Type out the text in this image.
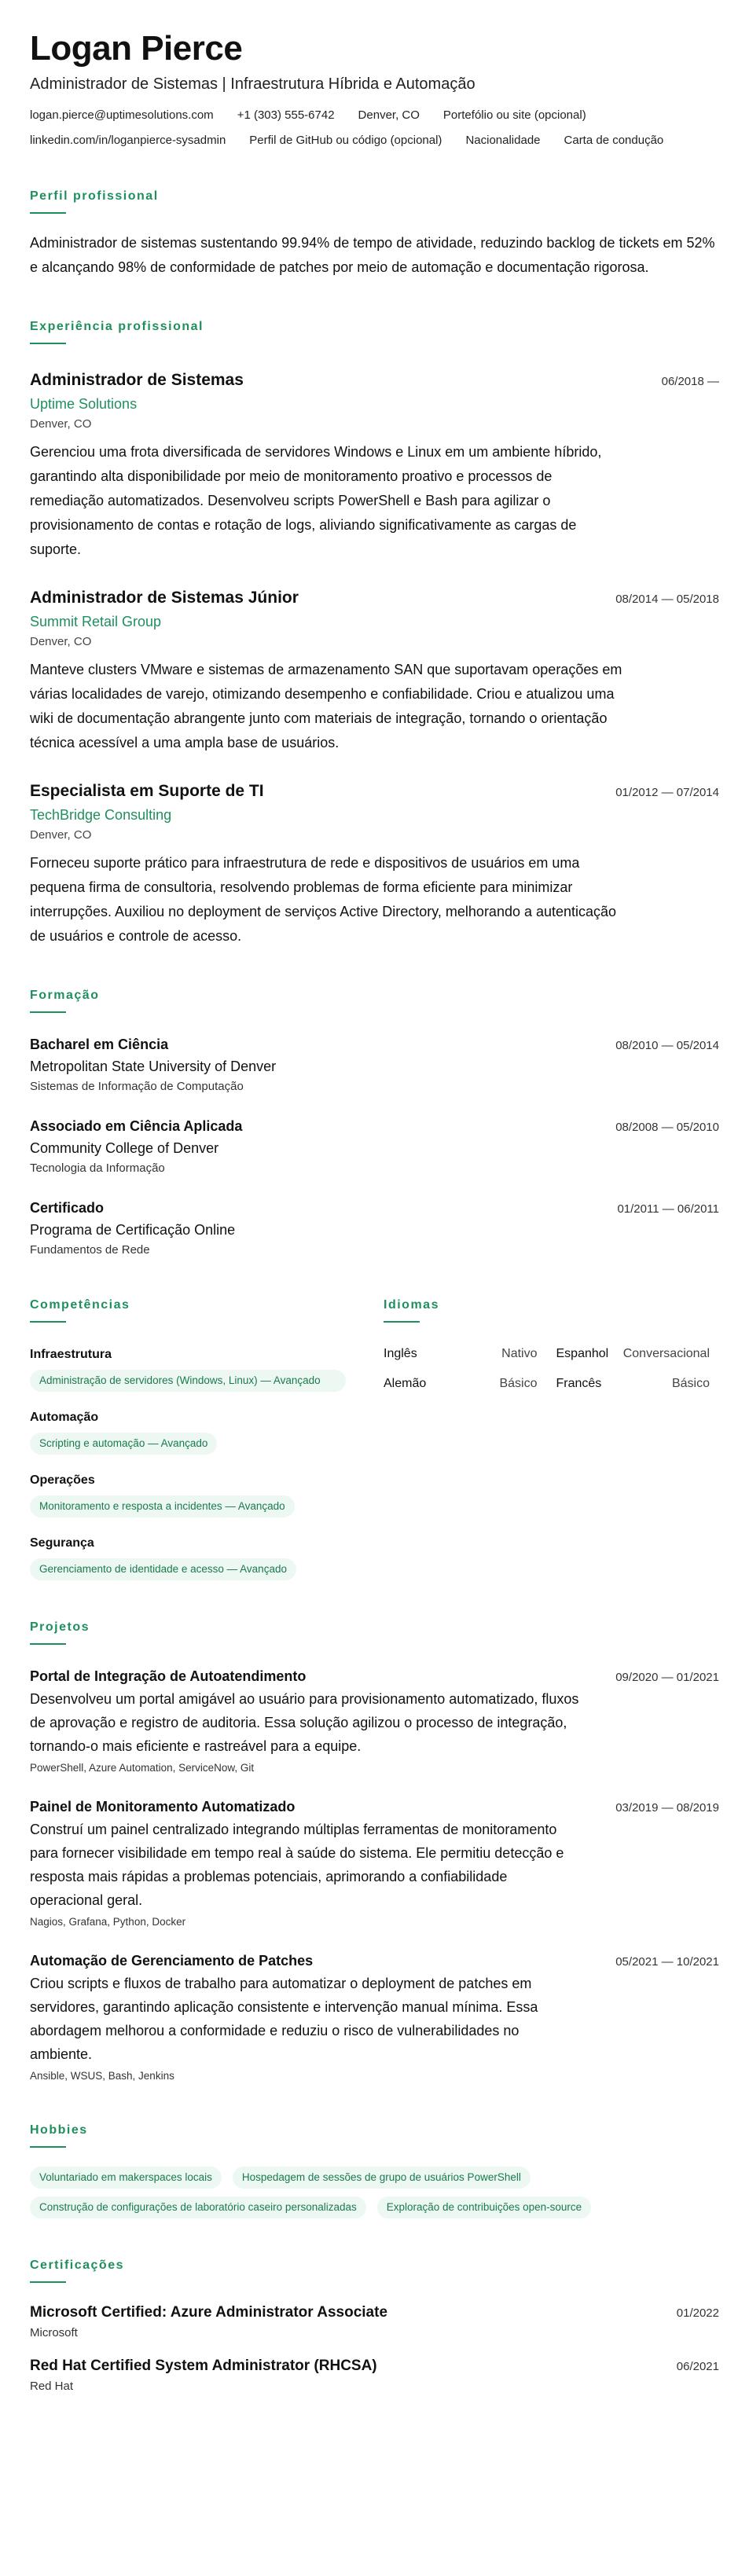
Logan Pierce
Administrador de Sistemas | Infraestrutura Híbrida e Automação
logan.pierce@uptimesolutions.com +1 (303) 555-6742 Denver, CO Portefólio ou site (opcional)
linkedin.com/in/loganpierce-sysadmin Perfil de GitHub ou código (opcional) Nacionalidade Carta de condução
Perfil profissional
Administrador de sistemas sustentando 99.94% de tempo de atividade, reduzindo backlog de tickets em 52% e alcançando 98% de conformidade de patches por meio de automação e documentação rigorosa.
Experiência profissional
Administrador de Sistemas	06/2018 —
Uptime Solutions
Denver, CO
Gerenciou uma frota diversificada de servidores Windows e Linux em um ambiente híbrido, garantindo alta disponibilidade por meio de monitoramento proativo e processos de remediação automatizados. Desenvolveu scripts PowerShell e Bash para agilizar o provisionamento de contas e rotação de logs, aliviando significativamente as cargas de suporte.
Administrador de Sistemas Júnior	08/2014 — 05/2018
Summit Retail Group
Denver, CO
Manteve clusters VMware e sistemas de armazenamento SAN que suportavam operações em várias localidades de varejo, otimizando desempenho e confiabilidade. Criou e atualizou uma wiki de documentação abrangente junto com materiais de integração, tornando o orientação técnica acessível a uma ampla base de usuários.
Especialista em Suporte de TI	01/2012 — 07/2014
TechBridge Consulting
Denver, CO
Forneceu suporte prático para infraestrutura de rede e dispositivos de usuários em uma pequena firma de consultoria, resolvendo problemas de forma eficiente para minimizar interrupções. Auxiliou no deployment de serviços Active Directory, melhorando a autenticação de usuários e controle de acesso.
Formação
Bacharel em Ciência	08/2010 — 05/2014
Metropolitan State University of Denver
Sistemas de Informação de Computação
Associado em Ciência Aplicada	08/2008 — 05/2010
Community College of Denver
Tecnologia da Informação
Certificado	01/2011 — 06/2011
Programa de Certificação Online
Fundamentos de Rede
Competências
Infraestrutura
Administração de servidores (Windows, Linux) — Avançado
Automação
Scripting e automação — Avançado
Operações
Monitoramento e resposta a incidentes — Avançado
Segurança
Gerenciamento de identidade e acesso — Avançado
Idiomas
Inglês	Nativo Espanhol Conversacional
Alemão	Básico Francês	Básico
Projetos
Portal de Integração de Autoatendimento	09/2020 — 01/2021
Desenvolveu um portal amigável ao usuário para provisionamento automatizado, fluxos de aprovação e registro de auditoria. Essa solução agilizou o processo de integração, tornando-o mais eficiente e rastreável para a equipe.
PowerShell, Azure Automation, ServiceNow, Git
Painel de Monitoramento Automatizado	03/2019 — 08/2019
Construí um painel centralizado integrando múltiplas ferramentas de monitoramento para fornecer visibilidade em tempo real à saúde do sistema. Ele permitiu detecção e resposta mais rápidas a problemas potenciais, aprimorando a confiabilidade operacional geral.
Nagios, Grafana, Python, Docker
Automação de Gerenciamento de Patches	05/2021 — 10/2021
Criou scripts e fluxos de trabalho para automatizar o deployment de patches em servidores, garantindo aplicação consistente e intervenção manual mínima. Essa abordagem melhorou a conformidade e reduziu o risco de vulnerabilidades no ambiente.
Ansible, WSUS, Bash, Jenkins
Hobbies
Voluntariado em makerspaces locais	Hospedagem de sessões de grupo de usuários PowerShell
Construção de configurações de laboratório caseiro personalizadas	Exploração de contribuições open-source
Certificações
Microsoft Certified: Azure Administrator Associate	01/2022
Microsoft
Red Hat Certified System Administrator (RHCSA)	06/2021
Red Hat
